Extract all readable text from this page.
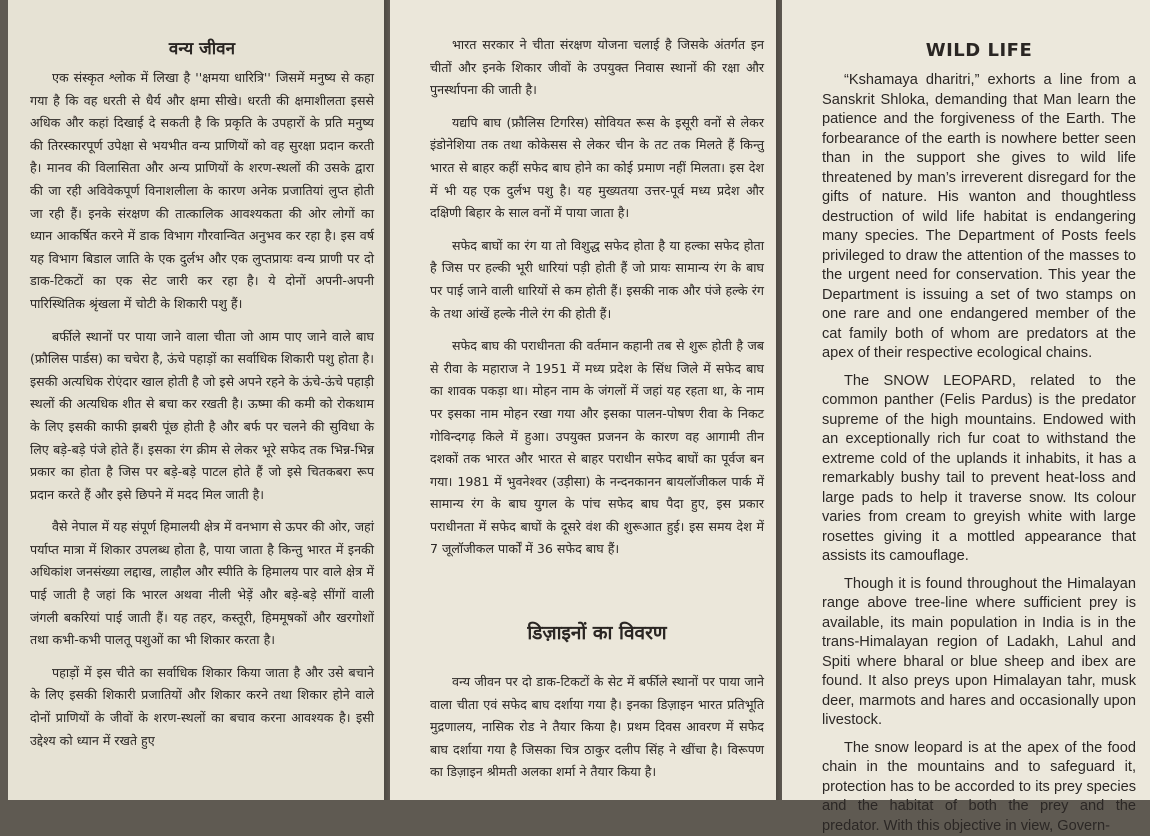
वन्य जीवन

एक संस्कृत श्लोक में लिखा है ''क्षमया धारित्रि'' जिसमें मनुष्य से कहा गया है कि वह धरती से धैर्य और क्षमा सीखे। धरती की क्षमाशीलता इससे अधिक और कहां दिखाई दे सकती है कि प्रकृति के उपहारों के प्रति मनुष्य की तिरस्कारपूर्ण उपेक्षा से भयभीत वन्य प्राणियों को वह सुरक्षा प्रदान करती है। मानव की विलासिता और अन्य प्राणियों के शरण-स्थलों की उसके द्वारा की जा रही अविवेकपूर्ण विनाशलीला के कारण अनेक प्रजातियां लुप्त होती जा रही हैं। इनके संरक्षण की तात्कालिक आवश्यकता की ओर लोगों का ध्यान आकर्षित करने में डाक विभाग गौरवान्वित अनुभव कर रहा है। इस वर्ष यह विभाग बिडाल जाति के एक दुर्लभ और एक लुप्तप्रायः वन्य प्राणी पर दो डाक-टिकटों का एक सेट जारी कर रहा है। ये दोनों अपनी-अपनी पारिस्थितिक श्रृंखला में चोटी के शिकारी पशु हैं।

बर्फीले स्थानों पर पाया जाने वाला चीता जो आम पाए जाने वाले बाघ (फ्रौलिस पार्डस) का चचेरा है, ऊंचे पहाड़ों का सर्वाधिक शिकारी पशु होता है। इसकी अत्यधिक रोएंदार खाल होती है जो इसे अपने रहने के ऊंचे-ऊंचे पहाड़ी स्थलों की अत्यधिक शीत से बचा कर रखती है। ऊष्मा की कमी को रोकथाम के लिए इसकी काफी झबरी पूंछ होती है और बर्फ पर चलने की सुविधा के लिए बड़े-बड़े पंजे होते हैं। इसका रंग क्रीम से लेकर भूरे सफेद तक भिन्न-भिन्न प्रकार का होता है जिस पर बड़े-बड़े पाटल होते हैं जो इसे चितकबरा रूप प्रदान करते हैं और इसे छिपने में मदद मिल जाती है।

वैसे नेपाल में यह संपूर्ण हिमालयी क्षेत्र में वनभाग से ऊपर की ओर, जहां पर्याप्त मात्रा में शिकार उपलब्ध होता है, पाया जाता है किन्तु भारत में इनकी अधिकांश जनसंख्या लद्दाख, लाहौल और स्पीति के हिमालय पार वाले क्षेत्र में पाई जाती है जहां कि भारल अथवा नीली भेड़ें और बड़े-बड़े सींगों वाली जंगली बकरियां पाई जाती हैं। यह तहर, कस्तूरी, हिममूषकों और खरगोशों तथा कभी-कभी पालतू पशुओं का भी शिकार करता है।

पहाड़ों में इस चीते का सर्वाधिक शिकार किया जाता है और उसे बचाने के लिए इसकी शिकारी प्रजातियों और शिकार करने तथा शिकार होने वाले दोनों प्राणियों के जीवों के शरण-स्थलों का बचाव करना आवश्यक है। इसी उद्देश्य को ध्यान में रखते हुए

भारत सरकार ने चीता संरक्षण योजना चलाई है जिसके अंतर्गत इन चीतों और इनके शिकार जीवों के उपयुक्त निवास स्थानों की रक्षा और पुनर्स्थापना की जाती है।

यद्यपि बाघ (फ्रौलिस टिगरिस) सोवियत रूस के इसूरी वनों से लेकर इंडोनेशिया तक तथा कोकेसस से लेकर चीन के तट तक मिलते हैं किन्तु भारत से बाहर कहीं सफेद बाघ होने का कोई प्रमाण नहीं मिलता। इस देश में भी यह एक दुर्लभ पशु है। यह मुख्यतया उत्तर-पूर्व मध्य प्रदेश और दक्षिणी बिहार के साल वनों में पाया जाता है।

सफेद बाघों का रंग या तो विशुद्ध सफेद होता है या हल्का सफेद होता है जिस पर हल्की भूरी धारियां पड़ी होती हैं जो प्रायः सामान्य रंग के बाघ पर पाई जाने वाली धारियों से कम होती हैं। इसकी नाक और पंजे हल्के रंग के तथा आंखें हल्के नीले रंग की होती हैं।

सफेद बाघ की पराधीनता की वर्तमान कहानी तब से शुरू होती है जब से रीवा के महाराज ने 1951 में मध्य प्रदेश के सिंध जिले में सफेद बाघ का शावक पकड़ा था। मोहन नाम के जंगलों में जहां यह रहता था, के नाम पर इसका नाम मोहन रखा गया और इसका पालन-पोषण रीवा के निकट गोविन्दगढ़ किले में हुआ। उपयुक्त प्रजनन के कारण वह आगामी तीन दशकों तक भारत और भारत से बाहर पराधीन सफेद बाघों का पूर्वज बन गया। 1981 में भुवनेश्वर (उड़ीसा) के नन्दनकानन बायलॉजीकल पार्क में सामान्य रंग के बाघ युगल के पांच सफेद बाघ पैदा हुए, इस प्रकार पराधीनता में सफेद बाघों के दूसरे वंश की शुरूआत हुई। इस समय देश में 7 जूलॉजीकल पार्कों में 36 सफेद बाघ हैं।

डिज़ाइनों का विवरण

वन्य जीवन पर दो डाक-टिकटों के सेट में बर्फीले स्थानों पर पाया जाने वाला चीता एवं सफेद बाघ दर्शाया गया है। इनका डिज़ाइन भारत प्रतिभूति मुद्रणालय, नासिक रोड ने तैयार किया है। प्रथम दिवस आवरण में सफेद बाघ दर्शाया गया है जिसका चित्र ठाकुर दलीप सिंह ने खींचा है। विरूपण का डिज़ाइन श्रीमती अलका शर्मा ने तैयार किया है।

WILD LIFE

“Kshamaya dharitri,” exhorts a line from a Sanskrit Shloka, demanding that Man learn the patience and the forgiveness of the Earth. The forbearance of the earth is nowhere better seen than in the support she gives to wild life threatened by man’s irreverent disregard for the gifts of nature. His wanton and thoughtless destruction of wild life habitat is endangering many species. The Department of Posts feels privileged to draw the attention of the masses to the urgent need for conservation. This year the Department is issuing a set of two stamps on one rare and one endangered member of the cat family both of whom are predators at the apex of their respective ecological chains.

The SNOW LEOPARD, related to the common panther (Felis Pardus) is the predator supreme of the high mountains. Endowed with an exceptionally rich fur coat to withstand the extreme cold of the uplands it inhabits, it has a remarkably bushy tail to prevent heat-loss and large pads to help it traverse snow. Its colour varies from cream to greyish white with large rosettes giving it a mottled appearance that assists its camouflage.

Though it is found throughout the Himalayan range above tree-line where sufficient prey is available, its main population in India is in the trans-Himalayan region of Ladakh, Lahul and Spiti where bharal or blue sheep and ibex are found. It also preys upon Himalayan tahr, musk deer, marmots and hares and occasionally upon livestock.

The snow leopard is at the apex of the food chain in the mountains and to safeguard it, protection has to be accorded to its prey species and the habitat of both the prey and the predator. With this objective in view, Govern-
